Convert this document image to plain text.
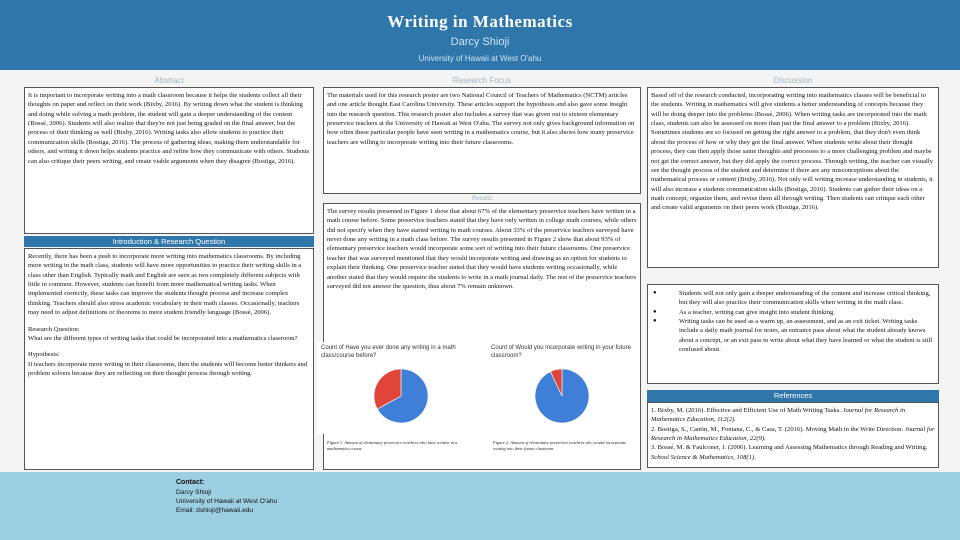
Writing in Mathematics
Darcy Shioji
University of Hawaii at West O'ahu
Abstract	Research Focus	Discussion
It is important to incorporate writing into a math classroom because it helps the students collect all their thoughts on paper and reflect on their work (Bixby, 2016). By writing down what the student is thinking and doing while solving a math problem, the student will gain a deeper understanding of the content (Bossé, 2006). Students will also realize that they're not just being graded on the final answer, but the process of their thinking as well (Bixby, 2016). Writing tasks also allow students to practice their communication skills (Bostiga, 2016). The process of gathering ideas, making them understandable for others, and writing it down helps students practice and refine how they communicate with others. Students can also critique their peers writing, and create viable arguments when they disagree (Bostiga, 2016).
Introduction & Research Question
Recently, there has been a push to incorporate more writing into mathematics classrooms. By including more writing in the math class, students will have more opportunities to practice their writing skills in a class other than English. Typically math and English are seen as two completely different subjects with little in common. However, students can benefit from more mathematical writing tasks. When implemented correctly, these tasks can improve the students thought process and increase complex thinking. Teachers should also stress academic vocabulary in their math classes. Occasionally, teachers may need to adjust definitions or theorems to more student friendly language (Bossé, 2006).
Research Question:
What are the different types of writing tasks that could be incorporated into a mathematics classroom?
Hypothesis:
If teachers incorporate more writing in their classrooms, then the students will become better thinkers and problem solvers because they are reflecting on their thought process through writing.
The materials used for this research poster are two National Council of Teachers of Mathematics (NCTM) articles and one article thought East Carolina University. These articles support the hypothesis and also gave some insight into the research question. This research poster also includes a survey that was given out to sixteen elementary preservice teachers at the University of Hawaii at West O'ahu. The survey not only gives background information on how often these particular people have seen writing in a mathematics course, but it also shows how many preservice teachers are willing to incorporate writing into their future classrooms.
Results
The survey results presented in Figure 1 show that about 67% of the elementary preservice teachers have written in a math course before. Some preservice teachers stated that they have only written in college math courses, while others did not specify when they have started writing in math courses. About 33% of the preservice teachers surveyed have never done any writing in a math class before. The survey results presented in Figure 2 show that about 93% of elementary preservice teachers would incorporate some sort of writing into their future classrooms. One preservice teacher that was surveyed mentioned that they would incorporate writing and drawing as an option for students to explain their thinking. One preservice teacher stated that they would have students writing occasionally, while another stated that they would require the students to write in a math journal daily. The rest of the preservice teachers surveyed did not answer the question, thus about 7% remain unknown.
Count of Have you ever done any writing in a math class/course before?
Figure 1. Amount of elementary preservice teachers who have written in a mathematics course
Count of Would you incorporate writing in your future classroom?
Figure 2. Amount of elementary preservice teachers who would incorporate writing into their future classroom
Based off of the research conducted, incorporating writing into mathematics classes will be beneficial to the students. Writing in mathematics will give students a better understanding of concepts because they will be doing deeper into the problems (Bossé, 2006). When writing tasks are incorporated into the math class, students can also be assessed on more than just the final answer to a problem (Bixby, 2016). Sometimes students are so focused on getting the right answer to a problem, that they don't even think about the process of how or why they got the final answer. When students write about their thought process, they can then apply those same thoughts and processes to a more challenging problem and maybe not get the correct answer, but they did apply the correct process. Through writing, the teacher can visually see the thought process of the student and determine if there are any misconceptions about the mathematical process or content (Bixby, 2016). Not only will writing increase understanding in students, it will also increase a students communication skills (Bostiga, 2016). Students can gather their ideas on a math concept, organize them, and revise them all through writing. Then students can critique each other and create valid arguments on their peers work (Bostiga, 2016).
●	Students will not only gain a deeper understanding of the content and increase critical thinking, but they will also practice their communication skills when writing in the math class.
●	As a teacher, writing can give insight into student thinking.
●	Writing tasks can be used as a warm up, an assessment, and as an exit ticket. Writing tasks include a daily math journal for notes, an entrance pass about what the student already knows about a concept, or an exit pass to write about what they have learned or what the student is still confused about.
References
1. Bixby, M. (2016). Effective and Efficient Use of Math Writing Tasks. Journal for Research in Mathematics Education, 112(2).
2. Bostiga, S., Cantin, M., Fontana, C., & Casa, T. (2016). Moving Math in the Write Direction. Journal for Research in Mathematics Education, 22(9).
3. Bossé, M. & Faulconer, J. (2006). Learning and Assessing Mathematics through Reading and Writing. School Science & Mathematics, 108(1).
Contact:
Darcy Shioji
University of Hawaii at West O'ahu
Email: dshioji@hawaii.edu
